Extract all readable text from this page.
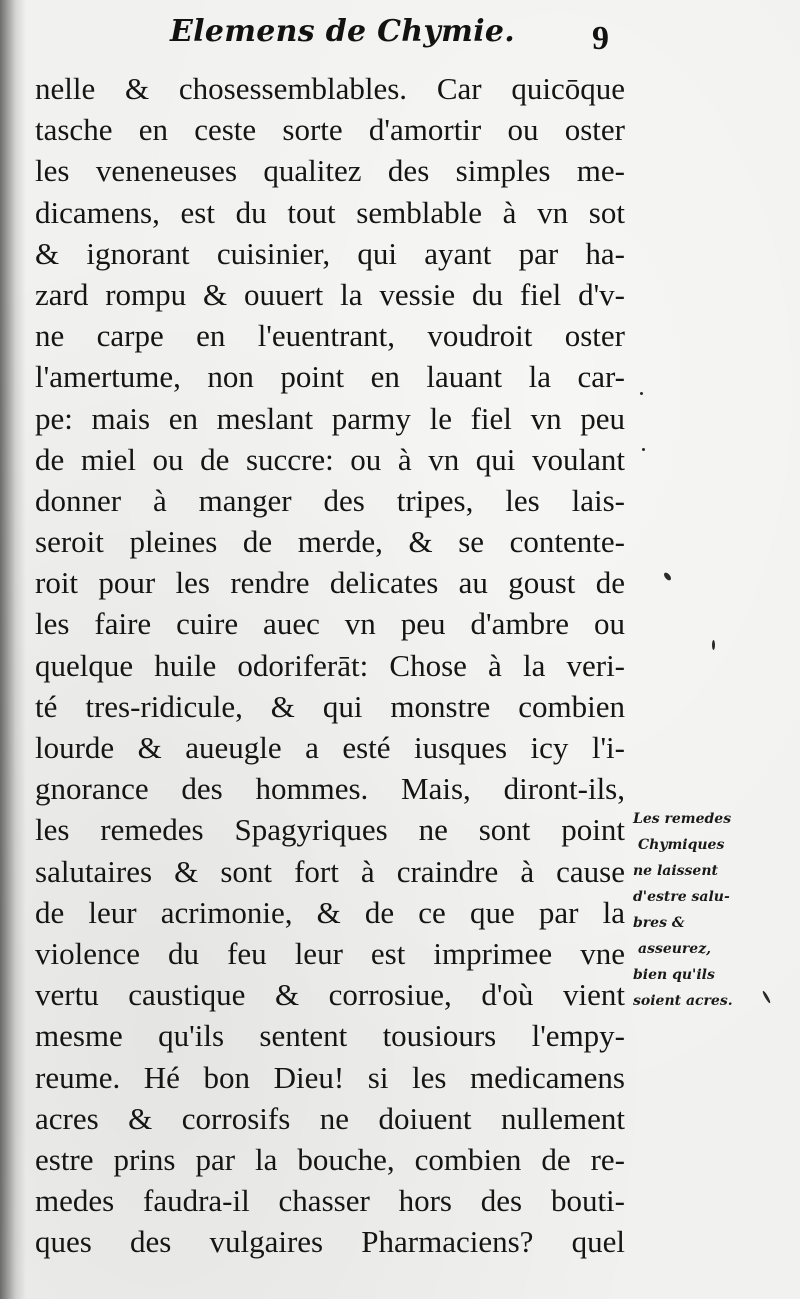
Elemens de Chymie. 9
nelle & chosessemblables. Car quicōque
tasche en ceste sorte d'amortir ou oster
les veneneuses qualitez des simples me-
dicamens, est du tout semblable à vn sot
& ignorant cuisinier, qui ayant par ha-
zard rompu & ouuert la vessie du fiel d'v-
ne carpe en l'euentrant, voudroit oster
l'amertume, non point en lauant la car-
pe: mais en meslant parmy le fiel vn peu
de miel ou de succre: ou à vn qui voulant
donner à manger des tripes, les lais-
seroit pleines de merde, & se contente-
roit pour les rendre delicates au goust de
les faire cuire auec vn peu d'ambre ou
quelque huile odoriferāt: Chose à la veri-
té tres-ridicule, & qui monstre combien
lourde & aueugle a esté iusques icy l'i-
gnorance des hommes. Mais, diront-ils,
les remedes Spagyriques ne sont point
salutaires & sont fort à craindre à cause
de leur acrimonie, & de ce que par la
violence du feu leur est imprimee vne
vertu caustique & corrosiue, d'où vient
mesme qu'ils sentent tousiours l'empy-
reume. Hé bon Dieu! si les medicamens
acres & corrosifs ne doiuent nullement
estre prins par la bouche, combien de re-
medes faudra-il chasser hors des bouti-
ques des vulgaires Pharmaciens? quel
Les remedes
Chymiques
ne laissent
d'estre salu-
bres &
asseurez,
bien qu'ils
soient acres.
